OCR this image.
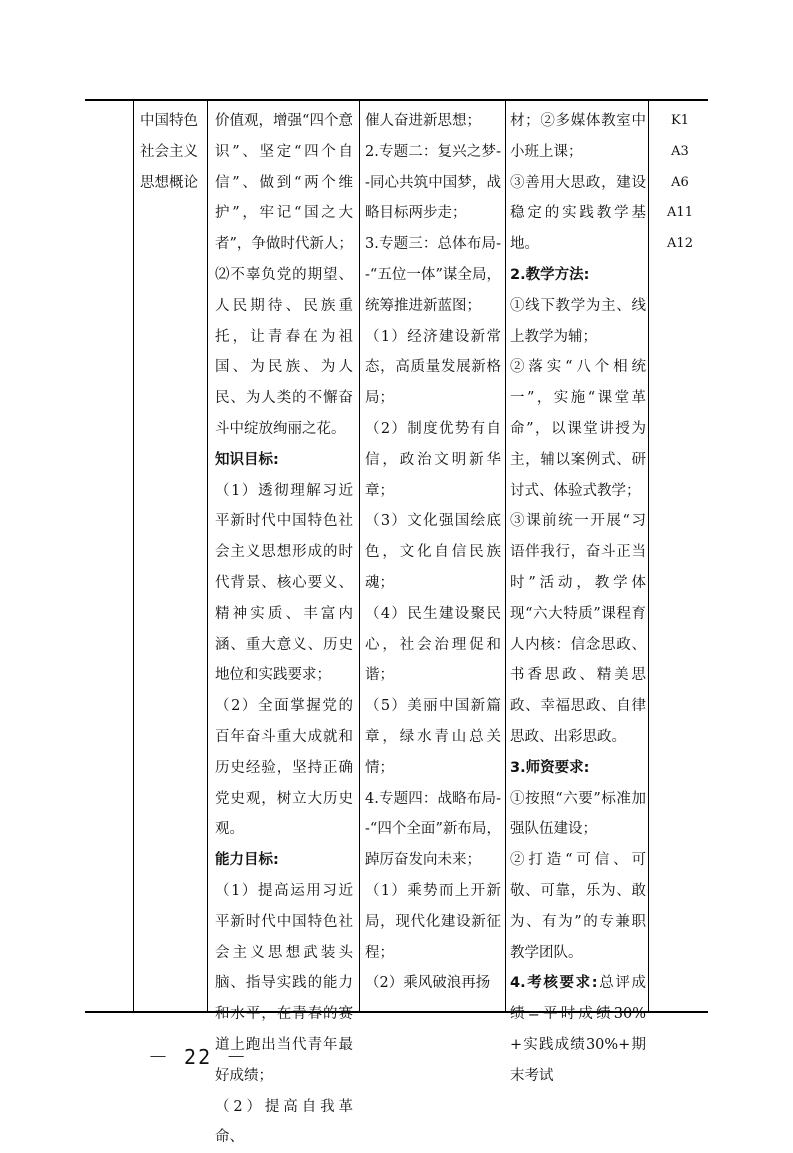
中国特色社会主义思想概论

价值观，增强“四个意识”、坚定“四个自信”、做到“两个维护”，牢记“国之大者”，争做时代新人；

⑵不辜负党的期望、人民期待、民族重托，让青春在为祖国、为民族、为人民、为人类的不懈奋斗中绽放绚丽之花。

知识目标:

（1）透彻理解习近平新时代中国特色社会主义思想形成的时代背景、核心要义、精神实质、丰富内涵、重大意义、历史地位和实践要求；

（2）全面掌握党的百年奋斗重大成就和历史经验，坚持正确党史观，树立大历史观。

能力目标:

（1）提高运用习近平新时代中国特色社会主义思想武装头脑、指导实践的能力和水平，在青春的赛道上跑出当代青年最好成绩；

（2）提高自我革命、

催人奋进新思想；

2.专题二：复兴之梦--同心共筑中国梦，战略目标两步走；

3.专题三：总体布局--“五位一体”谋全局，统筹推进新蓝图；

（1）经济建设新常态，高质量发展新格局；

（2）制度优势有自信，政治文明新华章；

（3）文化强国绘底色，文化自信民族魂；

（4）民生建设聚民心，社会治理促和谐；

（5）美丽中国新篇章，绿水青山总关情；

4.专题四：战略布局--“四个全面”新布局，踔厉奋发向未来；

（1）乘势而上开新局，现代化建设新征程；

（2）乘风破浪再扬

材；②多媒体教室中小班上课；

③善用大思政，建设稳定的实践教学基地。

2.教学方法:

①线下教学为主、线上教学为辅；

②落实“八个相统一”，实施“课堂革命”，以课堂讲授为主，辅以案例式、研讨式、体验式教学；

③课前统一开展“习语伴我行，奋斗正当时”活动，教学体现“六大特质”课程育人内核：信念思政、书香思政、精美思政、幸福思政、自律思政、出彩思政。

3.师资要求:

①按照“六要”标准加强队伍建设；

②打造“可信、可敬、可靠，乐为、敢为、有为”的专兼职教学团队。

4.考核要求:总评成绩=平时成绩30%+实践成绩30%+期末考试

K1
A3
A6
A11
A12
－ 22 －
